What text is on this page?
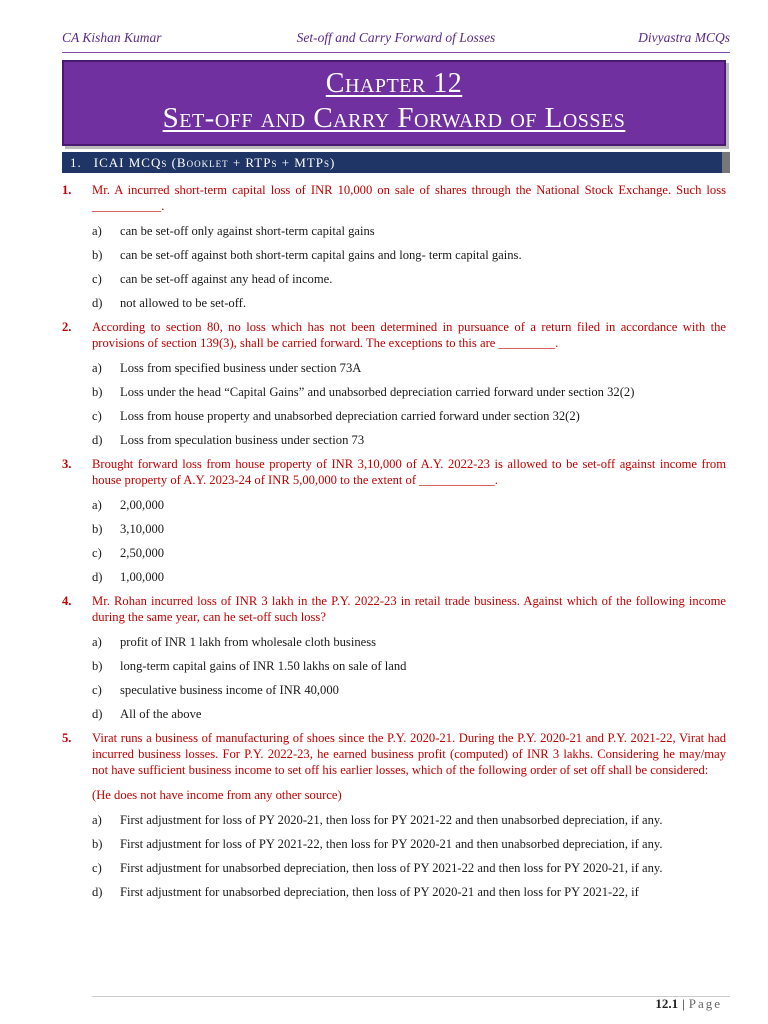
CA Kishan Kumar	Set-off and Carry Forward of Losses	Divyastra MCQs
Chapter 12
Set-off and Carry Forward of Losses
1. ICAI MCQs (Booklet + RTPs + MTPs)
1. Mr. A incurred short-term capital loss of INR 10,000 on sale of shares through the National Stock Exchange. Such loss ___________.
a) can be set-off only against short-term capital gains
b) can be set-off against both short-term capital gains and long- term capital gains.
c) can be set-off against any head of income.
d) not allowed to be set-off.
2. According to section 80, no loss which has not been determined in pursuance of a return filed in accordance with the provisions of section 139(3), shall be carried forward. The exceptions to this are _________.
a) Loss from specified business under section 73A
b) Loss under the head “Capital Gains” and unabsorbed depreciation carried forward under section 32(2)
c) Loss from house property and unabsorbed depreciation carried forward under section 32(2)
d) Loss from speculation business under section 73
3. Brought forward loss from house property of INR 3,10,000 of A.Y. 2022-23 is allowed to be set-off against income from house property of A.Y. 2023-24 of INR 5,00,000 to the extent of ____________.
a) 2,00,000
b) 3,10,000
c) 2,50,000
d) 1,00,000
4. Mr. Rohan incurred loss of INR 3 lakh in the P.Y. 2022-23 in retail trade business. Against which of the following income during the same year, can he set-off such loss?
a) profit of INR 1 lakh from wholesale cloth business
b) long-term capital gains of INR 1.50 lakhs on sale of land
c) speculative business income of INR 40,000
d) All of the above
5. Virat runs a business of manufacturing of shoes since the P.Y. 2020-21. During the P.Y. 2020-21 and P.Y. 2021-22, Virat had incurred business losses. For P.Y. 2022-23, he earned business profit (computed) of INR 3 lakhs. Considering he may/may not have sufficient business income to set off his earlier losses, which of the following order of set off shall be considered:
(He does not have income from any other source)
a) First adjustment for loss of PY 2020-21, then loss for PY 2021-22 and then unabsorbed depreciation, if any.
b) First adjustment for loss of PY 2021-22, then loss for PY 2020-21 and then unabsorbed depreciation, if any.
c) First adjustment for unabsorbed depreciation, then loss of PY 2021-22 and then loss for PY 2020-21, if any.
d) First adjustment for unabsorbed depreciation, then loss of PY 2020-21 and then loss for PY 2021-22, if
12.1 | Page
